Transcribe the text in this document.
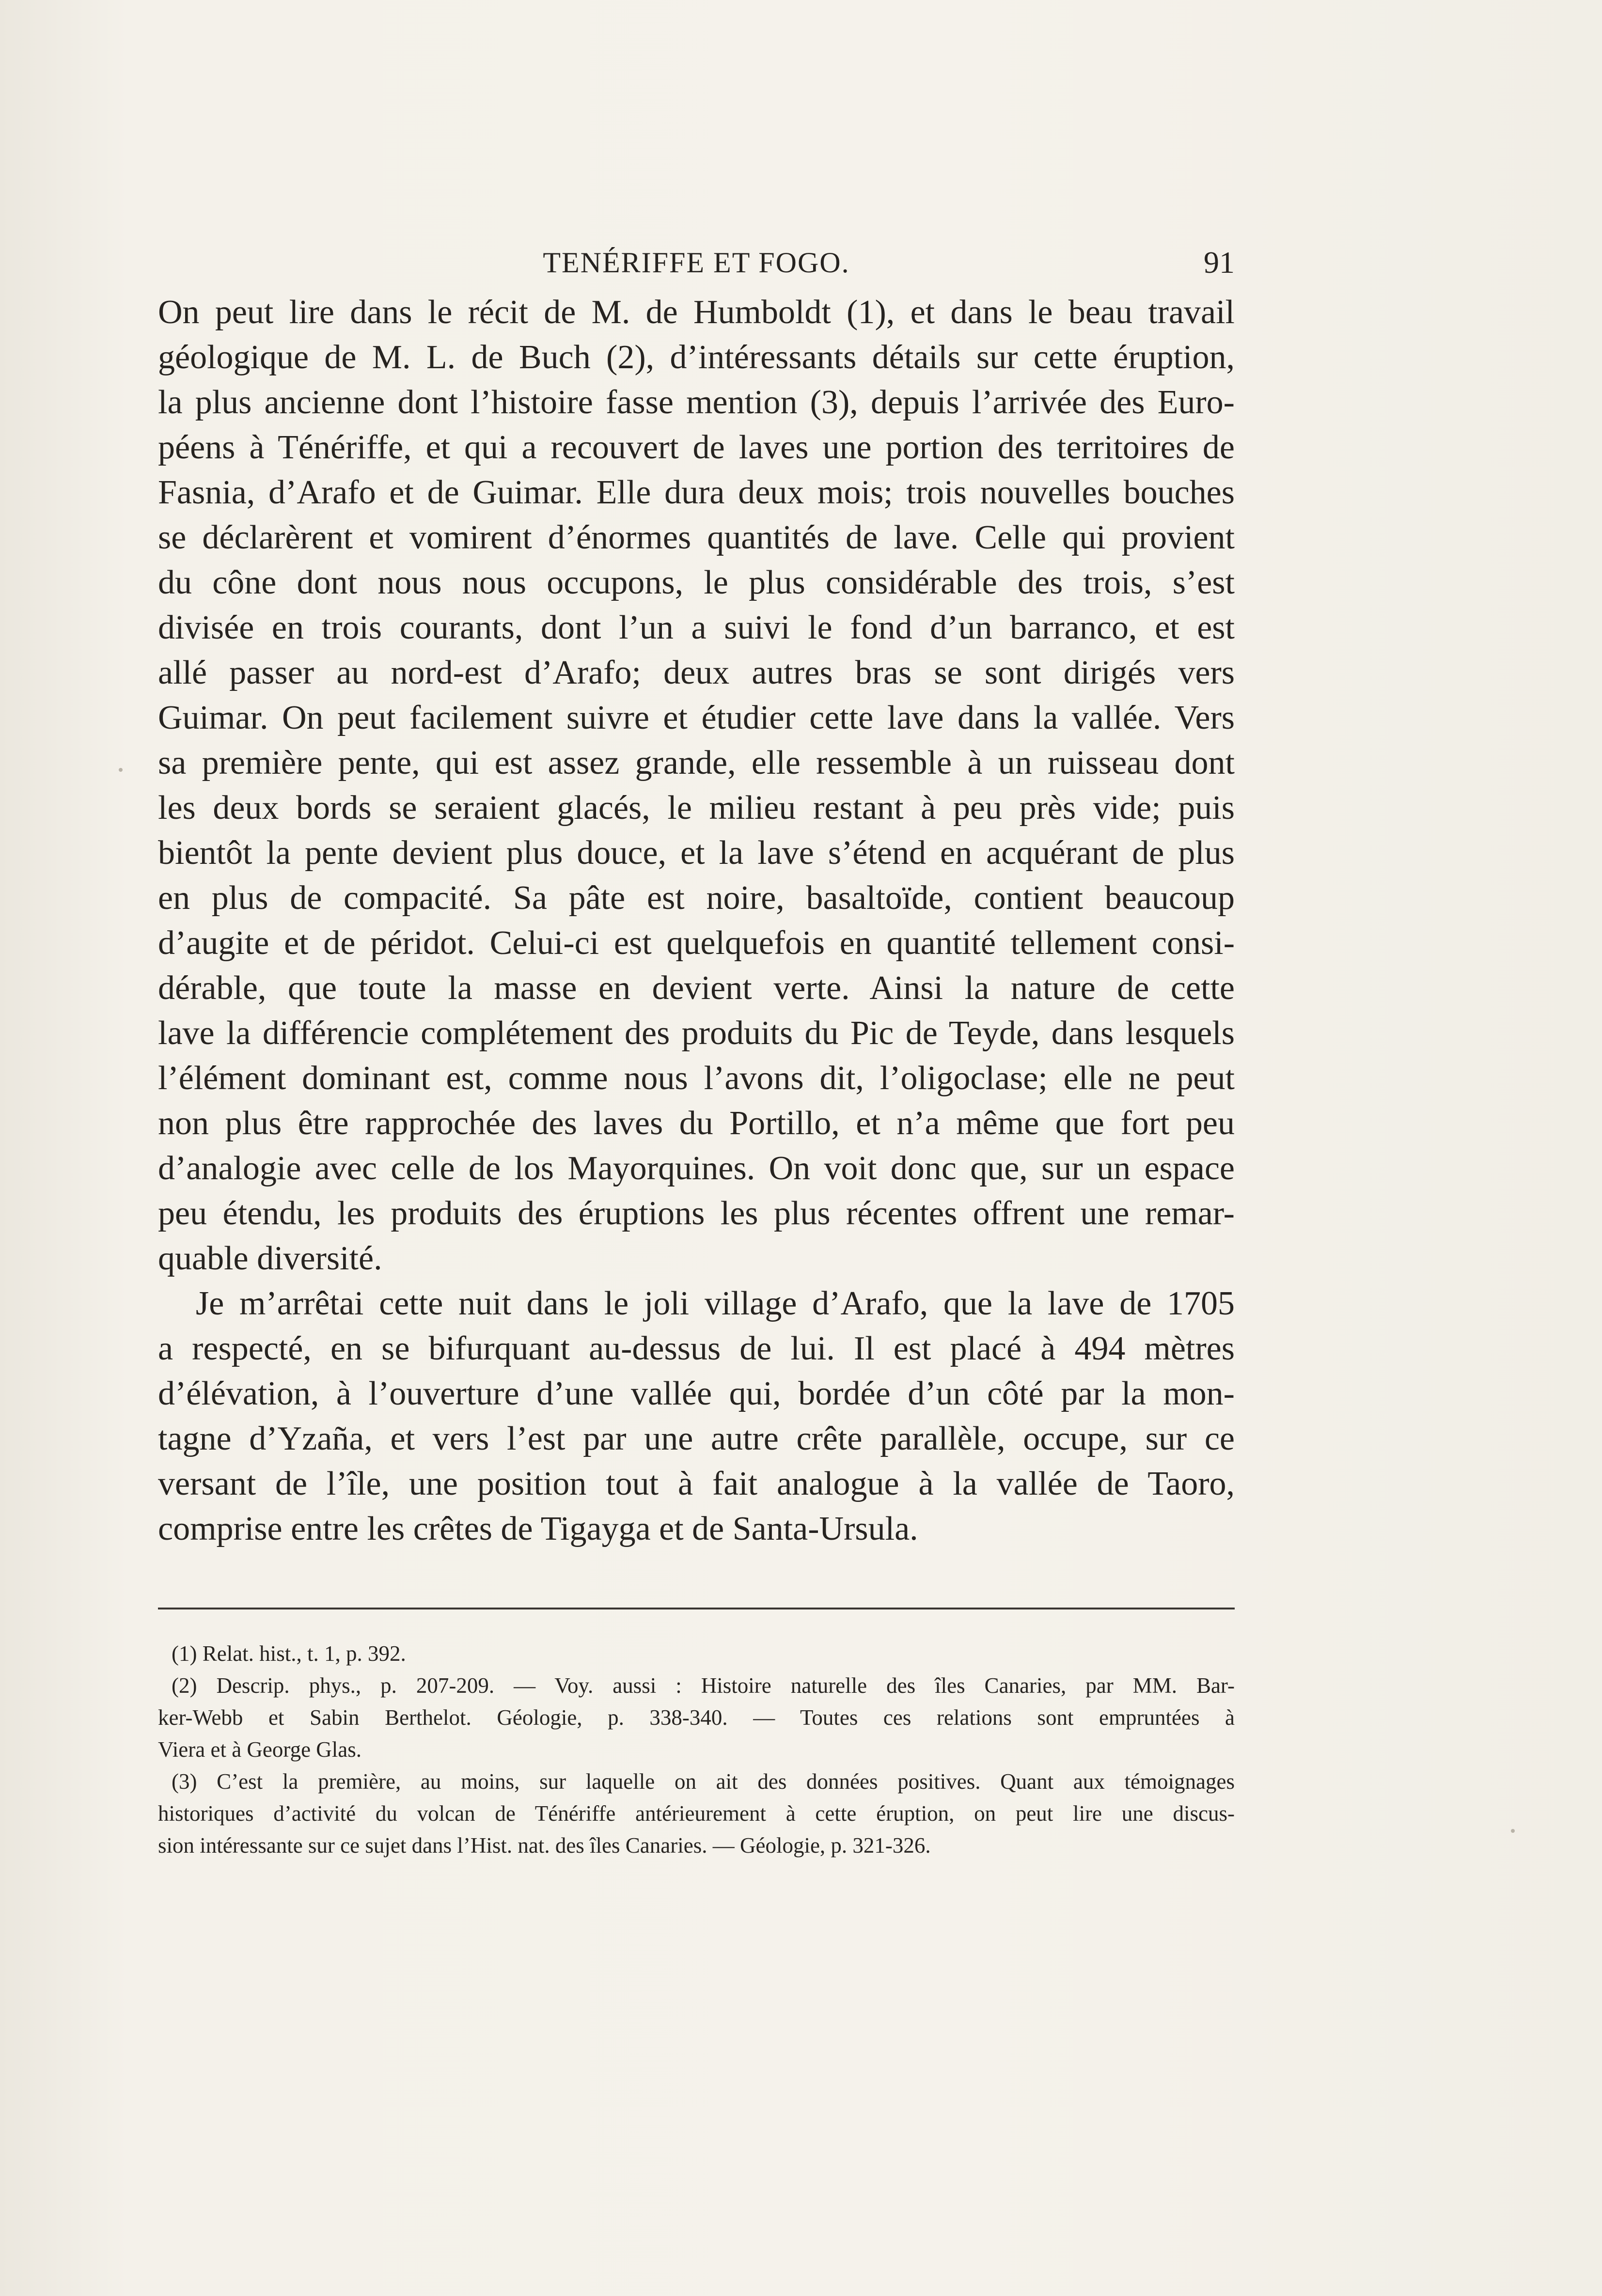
TENÉRIFFE ET FOGO.	91
On peut lire dans le récit de M. de Humboldt (1), et dans le beau travail
géologique de M. L. de Buch (2), d’intéressants détails sur cette éruption,
la plus ancienne dont l’histoire fasse mention (3), depuis l’arrivée des Euro-
péens à Ténériffe, et qui a recouvert de laves une portion des territoires de
Fasnia, d’Arafo et de Guimar. Elle dura deux mois; trois nouvelles bouches
se déclarèrent et vomirent d’énormes quantités de lave. Celle qui provient
du cône dont nous nous occupons, le plus considérable des trois, s’est
divisée en trois courants, dont l’un a suivi le fond d’un barranco, et est
allé passer au nord-est d’Arafo; deux autres bras se sont dirigés vers
Guimar. On peut facilement suivre et étudier cette lave dans la vallée. Vers
sa première pente, qui est assez grande, elle ressemble à un ruisseau dont
les deux bords se seraient glacés, le milieu restant à peu près vide; puis
bientôt la pente devient plus douce, et la lave s’étend en acquérant de plus
en plus de compacité. Sa pâte est noire, basaltoïde, contient beaucoup
d’augite et de péridot. Celui-ci est quelquefois en quantité tellement consi-
dérable, que toute la masse en devient verte. Ainsi la nature de cette
lave la différencie complétement des produits du Pic de Teyde, dans lesquels
l’élément dominant est, comme nous l’avons dit, l’oligoclase; elle ne peut
non plus être rapprochée des laves du Portillo, et n’a même que fort peu
d’analogie avec celle de los Mayorquines. On voit donc que, sur un espace
peu étendu, les produits des éruptions les plus récentes offrent une remar-
quable diversité.
Je m’arrêtai cette nuit dans le joli village d’Arafo, que la lave de 1705
a respecté, en se bifurquant au-dessus de lui. Il est placé à 494 mètres
d’élévation, à l’ouverture d’une vallée qui, bordée d’un côté par la mon-
tagne d’Yzaña, et vers l’est par une autre crête parallèle, occupe, sur ce
versant de l’île, une position tout à fait analogue à la vallée de Taoro,
comprise entre les crêtes de Tigayga et de Santa-Ursula.
(1) Relat. hist., t. 1, p. 392.
(2) Descrip. phys., p. 207-209. — Voy. aussi : Histoire naturelle des îles Canaries, par MM. Bar-
ker-Webb et Sabin Berthelot. Géologie, p. 338-340. — Toutes ces relations sont empruntées à
Viera et à George Glas.
(3) C’est la première, au moins, sur laquelle on ait des données positives. Quant aux témoignages
historiques d’activité du volcan de Ténériffe antérieurement à cette éruption, on peut lire une discus-
sion intéressante sur ce sujet dans l’Hist. nat. des îles Canaries. — Géologie, p. 321-326.
